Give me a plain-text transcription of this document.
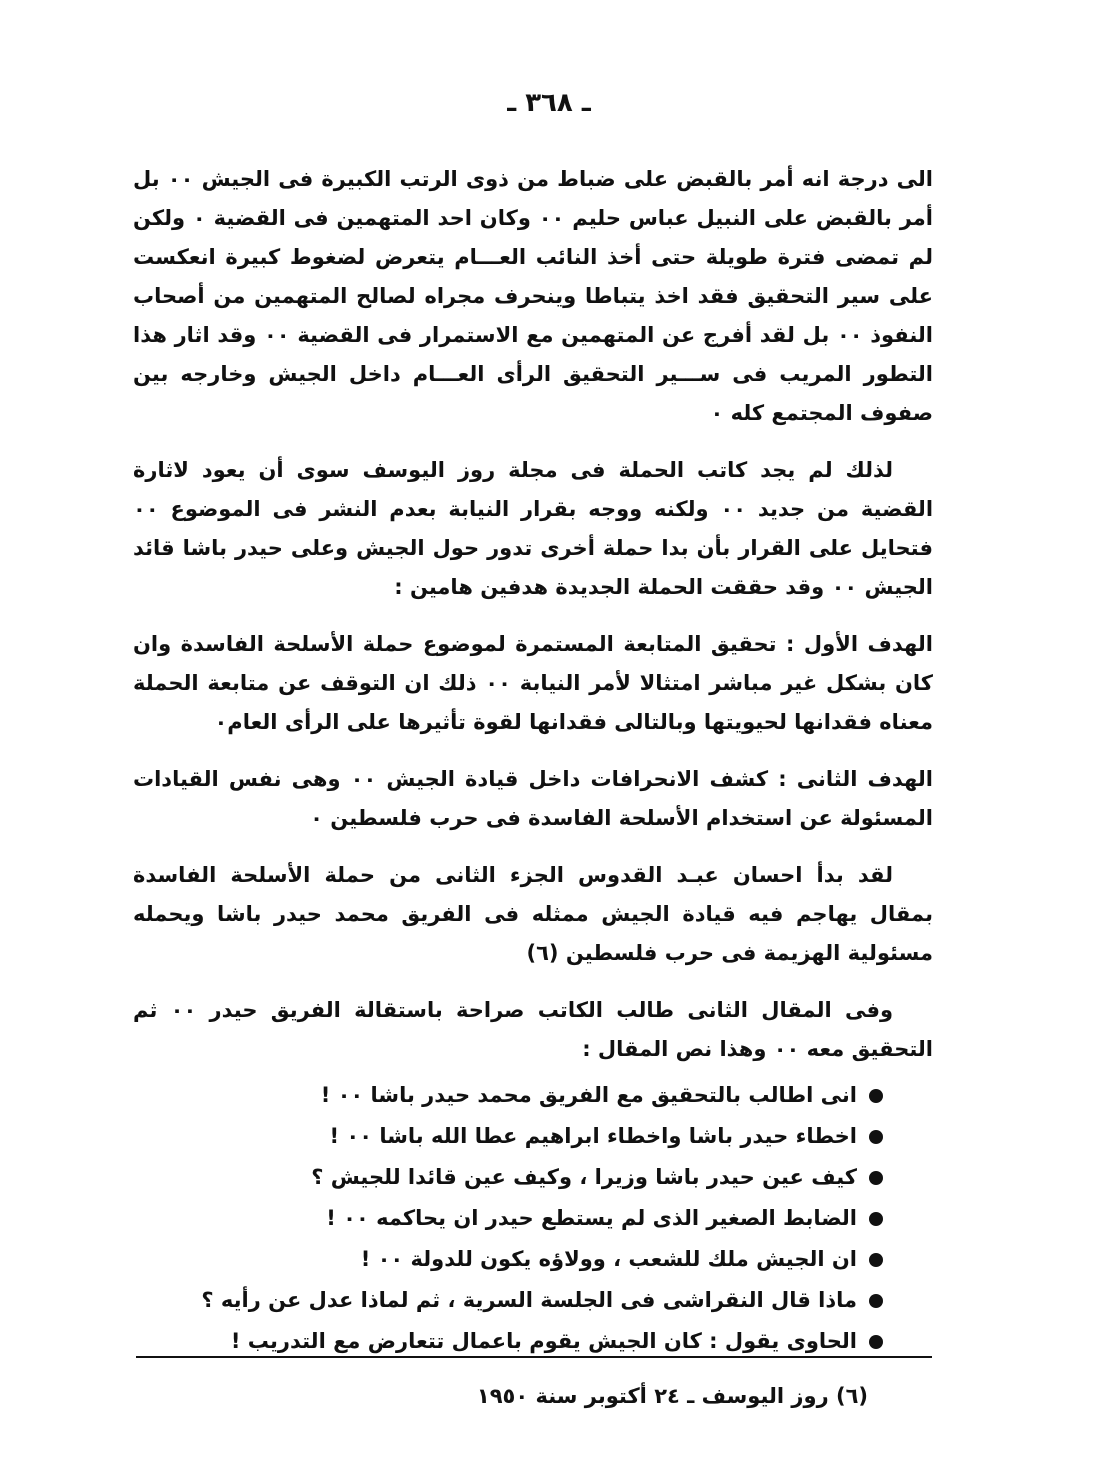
ـ ٣٦٨ ـ

الى درجة انه أمر بالقبض على ضباط من ذوى الرتب الكبيرة فى الجيش ٠٠ بل أمر بالقبض على النبيل عباس حليم ٠٠ وكان احد المتهمين فى القضية ٠ ولكن لم تمضى فترة طويلة حتى أخذ النائب العـــام يتعرض لضغوط كبيرة انعكست على سير التحقيق فقد اخذ يتباطا وينحرف مجراه لصالح المتهمين من أصحاب النفوذ ٠٠ بل لقد أفرج عن المتهمين مع الاستمرار فى القضية ٠٠ وقد اثار هذا التطور المريب فى ســـير التحقيق الرأى العـــام داخل الجيش وخارجه بين صفوف المجتمع كله ٠

لذلك لم يجد كاتب الحملة فى مجلة روز اليوسف سوى أن يعود لاثارة القضية من جديد ٠٠ ولكنه ووجه بقرار النيابة بعدم النشر فى الموضوع ٠٠ فتحايل على القرار بأن بدا حملة أخرى تدور حول الجيش وعلى حيدر باشا قائد الجيش ٠٠ وقد حققت الحملة الجديدة هدفين هامين :

الهدف الأول : تحقيق المتابعة المستمرة لموضوع حملة الأسلحة الفاسدة وان كان بشكل غير مباشر امتثالا لأمر النيابة ٠٠ ذلك ان التوقف عن متابعة الحملة معناه فقدانها لحيويتها وبالتالى فقدانها لقوة تأثيرها على الرأى العام٠

الهدف الثانى : كشف الانحرافات داخل قيادة الجيش ٠٠ وهى نفس القيادات المسئولة عن استخدام الأسلحة الفاسدة فى حرب فلسطين ٠

لقد بدأ احسان عبـد القدوس الجزء الثانى من حملة الأسلحة الفاسدة بمقال يهاجم فيه قيادة الجيش ممثله فى الفريق محمد حيدر باشا ويحمله مسئولية الهزيمة فى حرب فلسطين (٦)

وفى المقال الثانى طالب الكاتب صراحة باستقالة الفريق حيدر ٠٠ ثم التحقيق معه ٠٠ وهذا نص المقال :

انى اطالب بالتحقيق مع الفريق محمد حيدر باشا ٠٠ !
اخطاء حيدر باشا واخطاء ابراهيم عطا الله باشا ٠٠ !
كيف عين حيدر باشا وزيرا ، وكيف عين قائدا للجيش ؟
الضابط الصغير الذى لم يستطع حيدر ان يحاكمه ٠٠ !
ان الجيش ملك للشعب ، وولاؤه يكون للدولة ٠٠ !
ماذا قال النقراشى فى الجلسة السرية ، ثم لماذا عدل عن رأيه ؟
الحاوى يقول : كان الجيش يقوم باعمال تتعارض مع التدريب !
(٦) روز اليوسف ـ ٢٤ أكتوبر سنة ١٩٥٠
